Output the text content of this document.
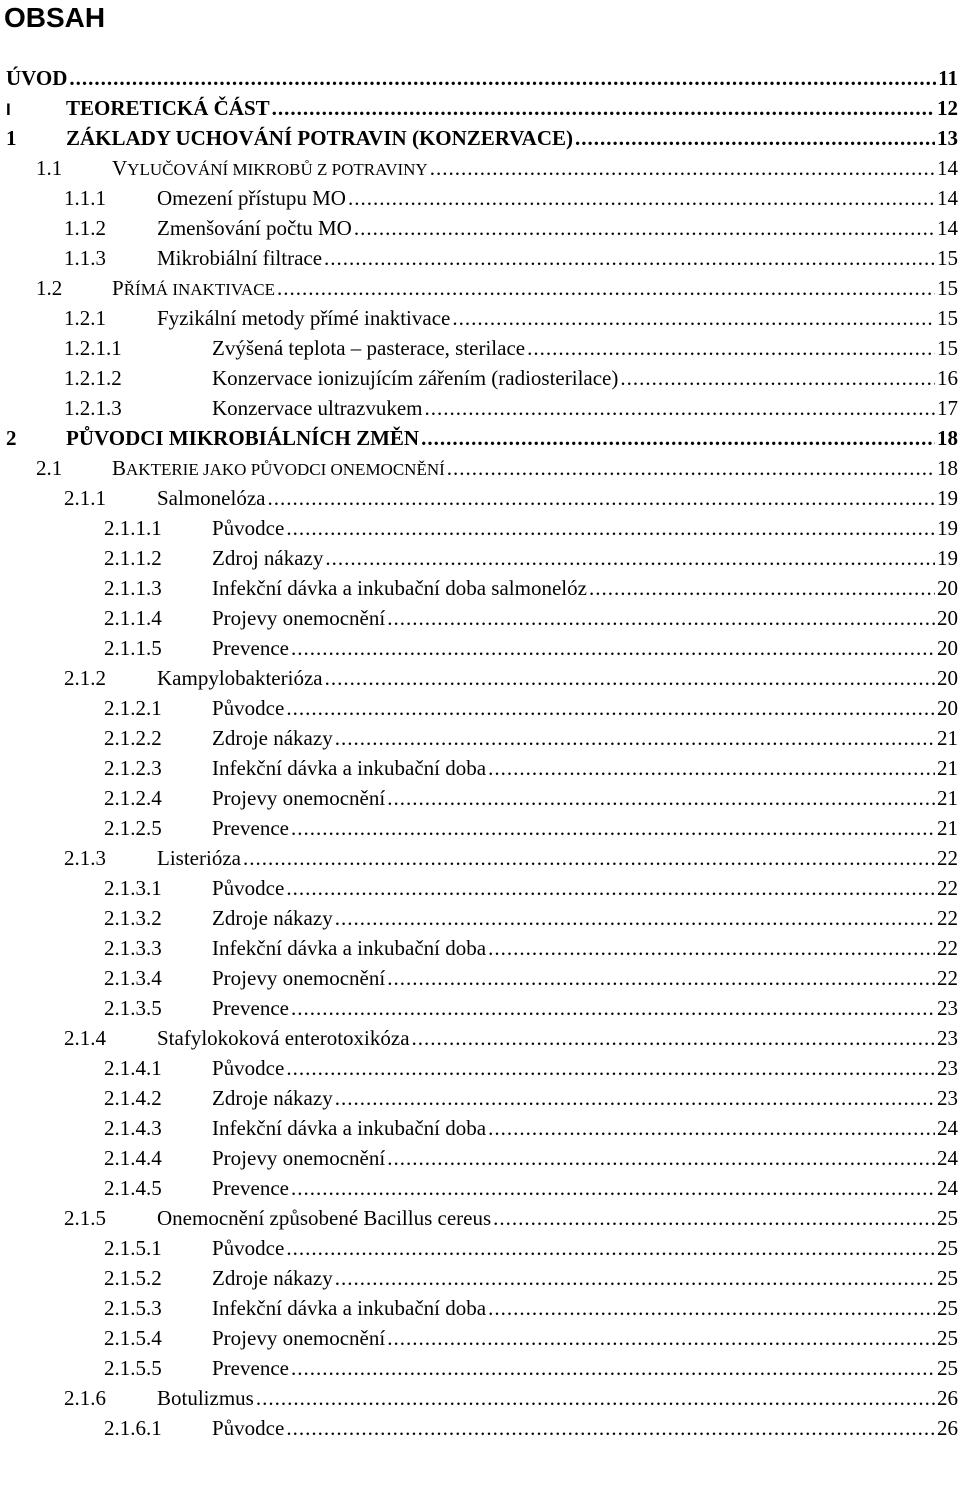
OBSAH
ÚVOD .....	11
I	TEORETICKÁ ČÁST .....	12
1	ZÁKLADY UCHOVÁNÍ POTRAVIN (KONZERVACE) .....	13
1.1	VYLUČOVÁNÍ MIKROBŮ Z POTRAVINY .....	14
1.1.1	Omezení přístupu MO .....	14
1.1.2	Zmenšování počtu MO .....	14
1.1.3	Mikrobiální filtrace .....	15
1.2	PŘÍMÁ INAKTIVACE .....	15
1.2.1	Fyzikální metody přímé inaktivace .....	15
1.2.1.1	Zvýšená teplota – pasterace, sterilace .....	15
1.2.1.2	Konzervace ionizujícím zářením (radiosterilace) .....	16
1.2.1.3	Konzervace ultrazvukem .....	17
2	PŮVODCI MIKROBIÁLNÍCH ZMĚN .....	18
2.1	BAKTERIE JAKO PŮVODCI ONEMOCNĚNÍ .....	18
2.1.1	Salmonelóza .....	19
2.1.1.1	Původce .....	19
2.1.1.2	Zdroj nákazy .....	19
2.1.1.3	Infekční dávka a inkubační doba salmonelóz .....	20
2.1.1.4	Projevy onemocnění .....	20
2.1.1.5	Prevence .....	20
2.1.2	Kampylobakterióza .....	20
2.1.2.1	Původce .....	20
2.1.2.2	Zdroje nákazy .....	21
2.1.2.3	Infekční dávka a inkubační doba .....	21
2.1.2.4	Projevy onemocnění .....	21
2.1.2.5	Prevence .....	21
2.1.3	Listerióza .....	22
2.1.3.1	Původce .....	22
2.1.3.2	Zdroje nákazy .....	22
2.1.3.3	Infekční dávka a inkubační doba .....	22
2.1.3.4	Projevy onemocnění .....	22
2.1.3.5	Prevence .....	23
2.1.4	Stafylokoková enterotoxikóza .....	23
2.1.4.1	Původce .....	23
2.1.4.2	Zdroje nákazy .....	23
2.1.4.3	Infekční dávka a inkubační doba .....	24
2.1.4.4	Projevy onemocnění .....	24
2.1.4.5	Prevence .....	24
2.1.5	Onemocnění způsobené Bacillus cereus .....	25
2.1.5.1	Původce .....	25
2.1.5.2	Zdroje nákazy .....	25
2.1.5.3	Infekční dávka a inkubační doba .....	25
2.1.5.4	Projevy onemocnění .....	25
2.1.5.5	Prevence .....	25
2.1.6	Botulizmus .....	26
2.1.6.1	Původce .....	26
